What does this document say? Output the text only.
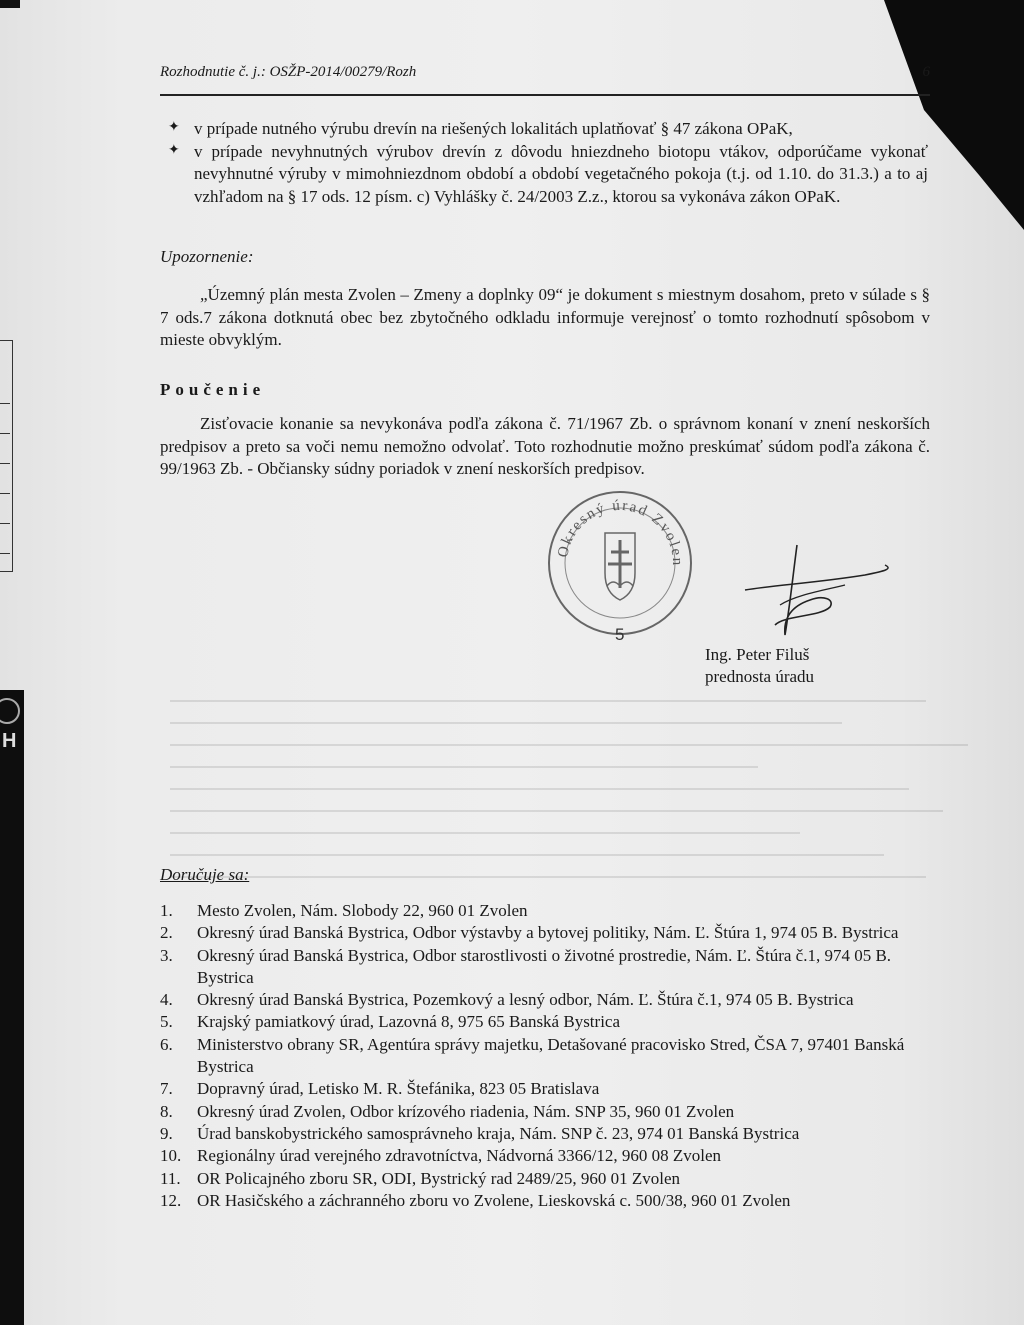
H
Rozhodnutie č. j.: OSŽP-2014/00279/Rozh	6
✦ v prípade nutného výrubu drevín na riešených lokalitách uplatňovať § 47 zákona OPaK,
✦ v prípade nevyhnutných výrubov drevín z dôvodu hniezdneho biotopu vtákov, odporúčame vykonať nevyhnutné výruby v mimohniezdnom období a období vegetačného pokoja (t.j. od 1.10. do 31.3.) a to aj vzhľadom na § 17 ods. 12 písm. c) Vyhlášky č. 24/2003 Z.z., ktorou sa vykonáva zákon OPaK.
Upozornenie:
„Územný plán mesta Zvolen – Zmeny a doplnky 09“ je dokument s miestnym dosahom, preto v súlade s § 7 ods.7 zákona dotknutá obec bez zbytočného odkladu informuje verejnosť o tomto rozhodnutí spôsobom v mieste obvyklým.
Poučenie
Zisťovacie konanie sa nevykonáva podľa zákona č. 71/1967 Zb. o správnom konaní v znení neskorších predpisov a preto sa voči nemu nemožno odvolať. Toto rozhodnutie možno preskúmať súdom podľa zákona č. 99/1963 Zb. - Občiansky súdny poriadok v znení neskorších predpisov.
Okresný úrad Zvolen
5
Ing. Peter Filuš
prednosta úradu
Doručuje sa:
1.	Mesto Zvolen, Nám. Slobody 22, 960 01 Zvolen
2.	Okresný úrad Banská Bystrica, Odbor výstavby a bytovej politiky, Nám. Ľ. Štúra 1, 974 05 B. Bystrica
3.	Okresný úrad Banská Bystrica, Odbor starostlivosti o životné prostredie, Nám. Ľ. Štúra č.1, 974 05 B. Bystrica
4.	Okresný úrad Banská Bystrica, Pozemkový a lesný odbor, Nám. Ľ. Štúra č.1, 974 05 B. Bystrica
5.	Krajský pamiatkový úrad, Lazovná 8, 975 65 Banská Bystrica
6.	Ministerstvo obrany SR, Agentúra správy majetku, Detašované pracovisko Stred, ČSA 7, 97401 Banská Bystrica
7.	Dopravný úrad, Letisko M. R. Štefánika, 823 05 Bratislava
8.	Okresný úrad Zvolen, Odbor krízového riadenia, Nám. SNP 35, 960 01 Zvolen
9.	Úrad banskobystrického samosprávneho kraja, Nám. SNP č. 23, 974 01 Banská Bystrica
10. Regionálny úrad verejného zdravotníctva, Nádvorná 3366/12, 960 08 Zvolen
11. OR Policajného zboru SR, ODI, Bystrický rad 2489/25, 960 01 Zvolen
12. OR Hasičského a záchranného zboru vo Zvolene, Lieskovská c. 500/38, 960 01 Zvolen
